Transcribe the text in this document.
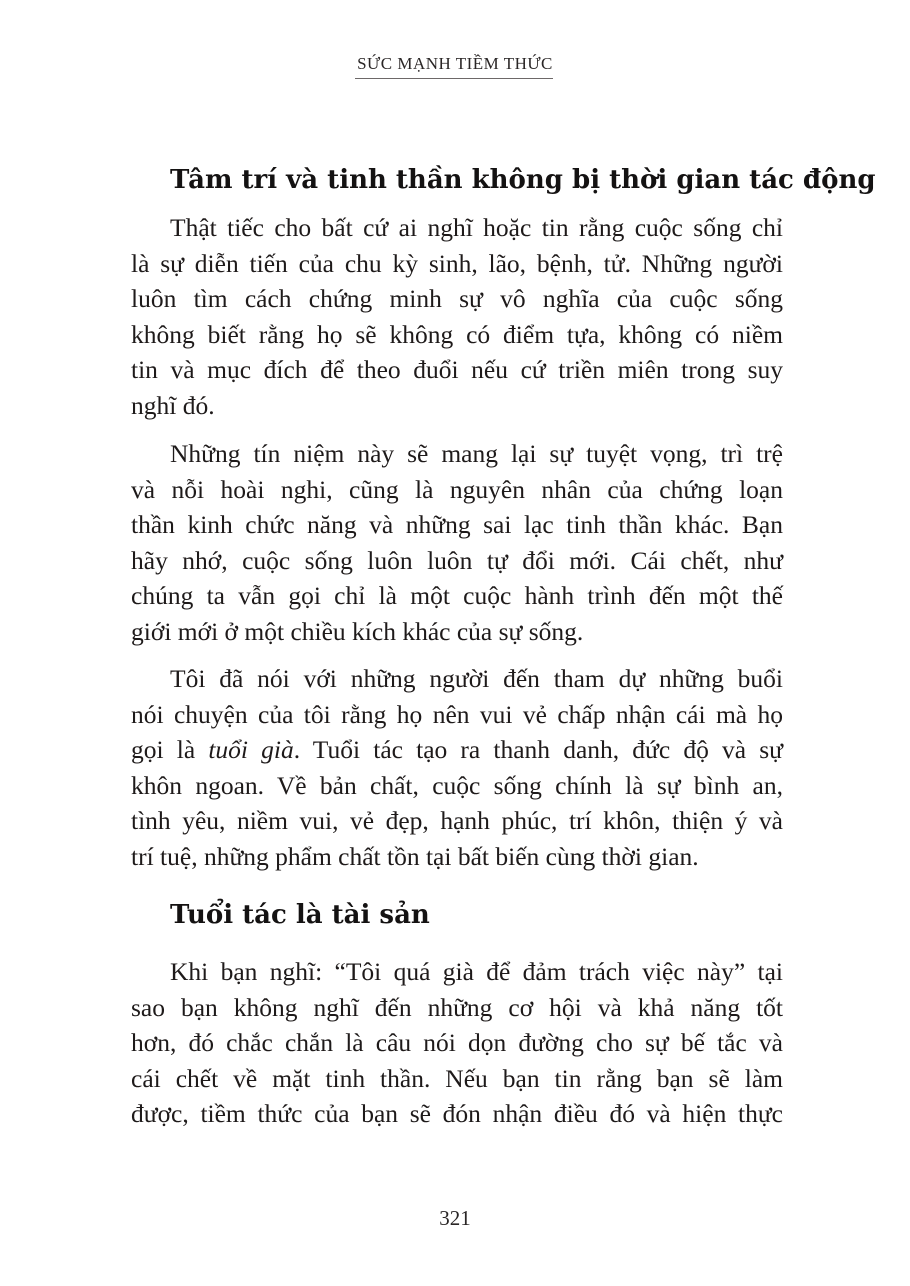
SỨC MẠNH TIỀM THỨC
Tâm trí và tinh thần không bị thời gian tác động
Thật tiếc cho bất cứ ai nghĩ hoặc tin rằng cuộc sống chỉ
là sự diễn tiến của chu kỳ sinh, lão, bệnh, tử. Những người
luôn tìm cách chứng minh sự vô nghĩa của cuộc sống
không biết rằng họ sẽ không có điểm tựa, không có niềm
tin và mục đích để theo đuổi nếu cứ triền miên trong suy
nghĩ đó.
Những tín niệm này sẽ mang lại sự tuyệt vọng, trì trệ
và nỗi hoài nghi, cũng là nguyên nhân của chứng loạn
thần kinh chức năng và những sai lạc tinh thần khác. Bạn
hãy nhớ, cuộc sống luôn luôn tự đổi mới. Cái chết, như
chúng ta vẫn gọi chỉ là một cuộc hành trình đến một thế
giới mới ở một chiều kích khác của sự sống.
Tôi đã nói với những người đến tham dự những buổi
nói chuyện của tôi rằng họ nên vui vẻ chấp nhận cái mà họ
gọi là tuổi già. Tuổi tác tạo ra thanh danh, đức độ và sự
khôn ngoan. Về bản chất, cuộc sống chính là sự bình an,
tình yêu, niềm vui, vẻ đẹp, hạnh phúc, trí khôn, thiện ý và
trí tuệ, những phẩm chất tồn tại bất biến cùng thời gian.
Tuổi tác là tài sản
Khi bạn nghĩ: “Tôi quá già để đảm trách việc này” tại
sao bạn không nghĩ đến những cơ hội và khả năng tốt
hơn, đó chắc chắn là câu nói dọn đường cho sự bế tắc và
cái chết về mặt tinh thần. Nếu bạn tin rằng bạn sẽ làm
được, tiềm thức của bạn sẽ đón nhận điều đó và hiện thực
321
